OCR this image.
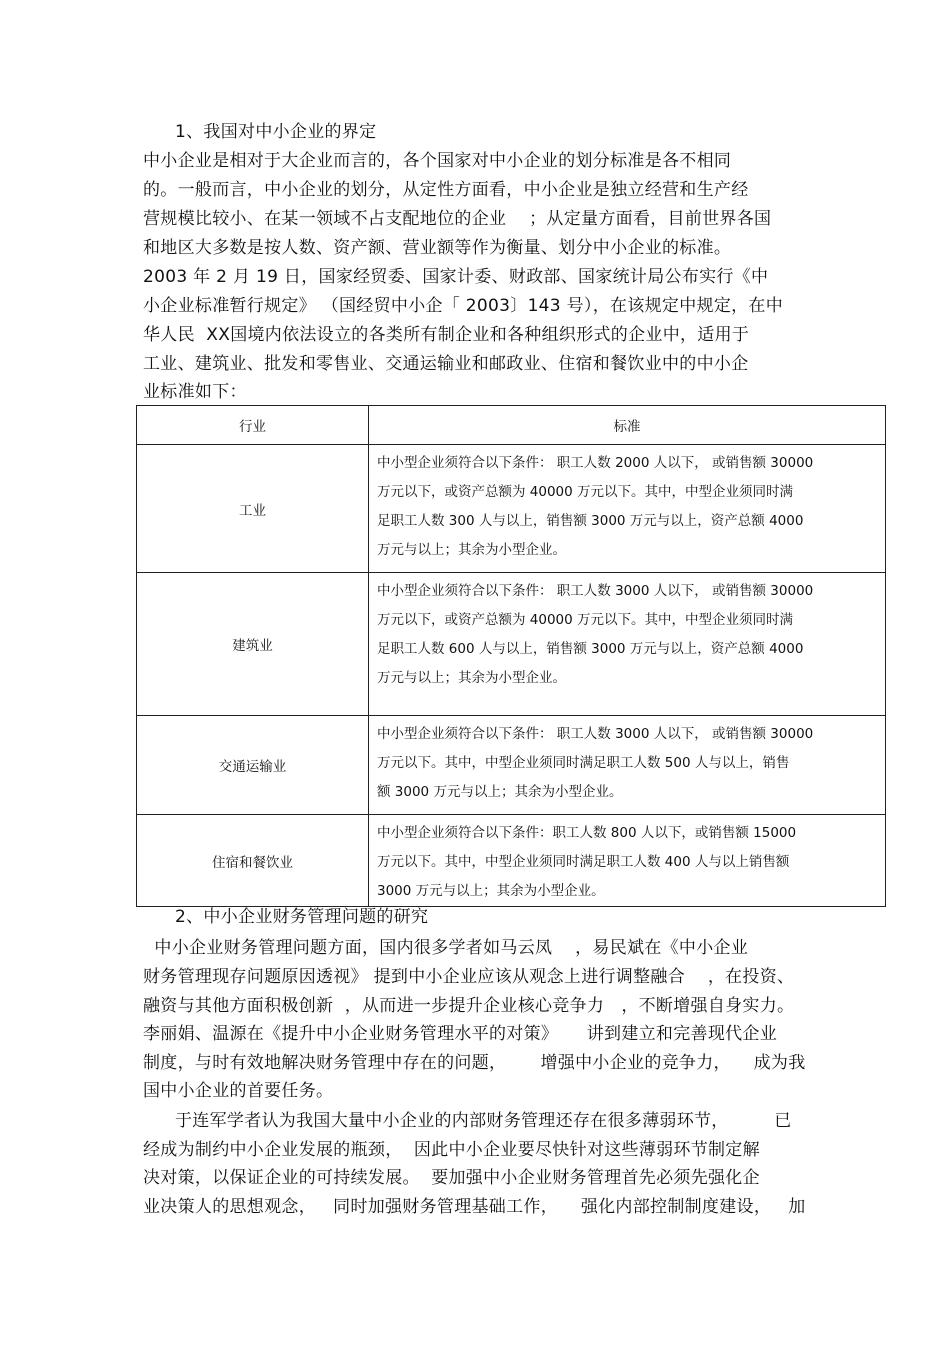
1、我国对中小企业的界定
中小企业是相对于大企业而言的，各个国家对中小企业的划分标准是各不相同
的。一般而言，中小企业的划分，从定性方面看，中小企业是独立经营和生产经
营规模比较小、在某一领域不占支配地位的企业    ；从定量方面看，目前世界各国
和地区大多数是按人数、资产额、营业额等作为衡量、划分中小企业的标准。
2003 年 2 月 19 日，国家经贸委、国家计委、财政部、国家统计局公布实行《中
小企业标准暂行规定》 （国经贸中小企「 2003〕143 号），在该规定中规定，在中
华人民  XX国境内依法设立的各类所有制企业和各种组织形式的企业中，适用于
工业、建筑业、批发和零售业、交通运输业和邮政业、住宿和餐饮业中的中小企
业标准如下：
行业	标准
工业	中小型企业须符合以下条件： 职工人数 2000 人以下， 或销售额 30000
万元以下，或资产总额为 40000 万元以下。其中，中型企业须同时满
足职工人数 300 人与以上，销售额 3000 万元与以上，资产总额 4000
万元与以上；其余为小型企业。

建筑业	中小型企业须符合以下条件： 职工人数 3000 人以下， 或销售额 30000
万元以下，或资产总额为 40000 万元以下。其中，中型企业须同时满
足职工人数 600 人与以上，销售额 3000 万元与以上，资产总额 4000
万元与以上；其余为小型企业。

交通运输业	中小型企业须符合以下条件： 职工人数 3000 人以下， 或销售额 30000
万元以下。其中，中型企业须同时满足职工人数 500 人与以上，销售
额 3000 万元与以上；其余为小型企业。

住宿和餐饮业	中小型企业须符合以下条件：职工人数 800 人以下，或销售额 15000
万元以下。其中，中型企业须同时满足职工人数 400 人与以上销售额
3000 万元与以上；其余为小型企业。
2、中小企业财务管理问题的研究
中小企业财务管理问题方面，国内很多学者如马云凤    ，易民斌在《中小企业
财务管理现存问题原因透视》 提到中小企业应该从观念上进行调整融合    ，在投资、
融资与其他方面积极创新  ，从而进一步提升企业核心竞争力   ，不断增强自身实力。
李丽娟、温源在《提升中小企业财务管理水平的对策》     讲到建立和完善现代企业
制度，与时有效地解决财务管理中存在的问题，      增强中小企业的竞争力，    成为我
国中小企业的首要任务。
于连军学者认为我国大量中小企业的内部财务管理还存在很多薄弱环节，        已
经成为制约中小企业发展的瓶颈，  因此中小企业要尽快针对这些薄弱环节制定解
决对策，以保证企业的可持续发展。  要加强中小企业财务管理首先必须先强化企
业决策人的思想观念，   同时加强财务管理基础工作，    强化内部控制制度建设，   加
